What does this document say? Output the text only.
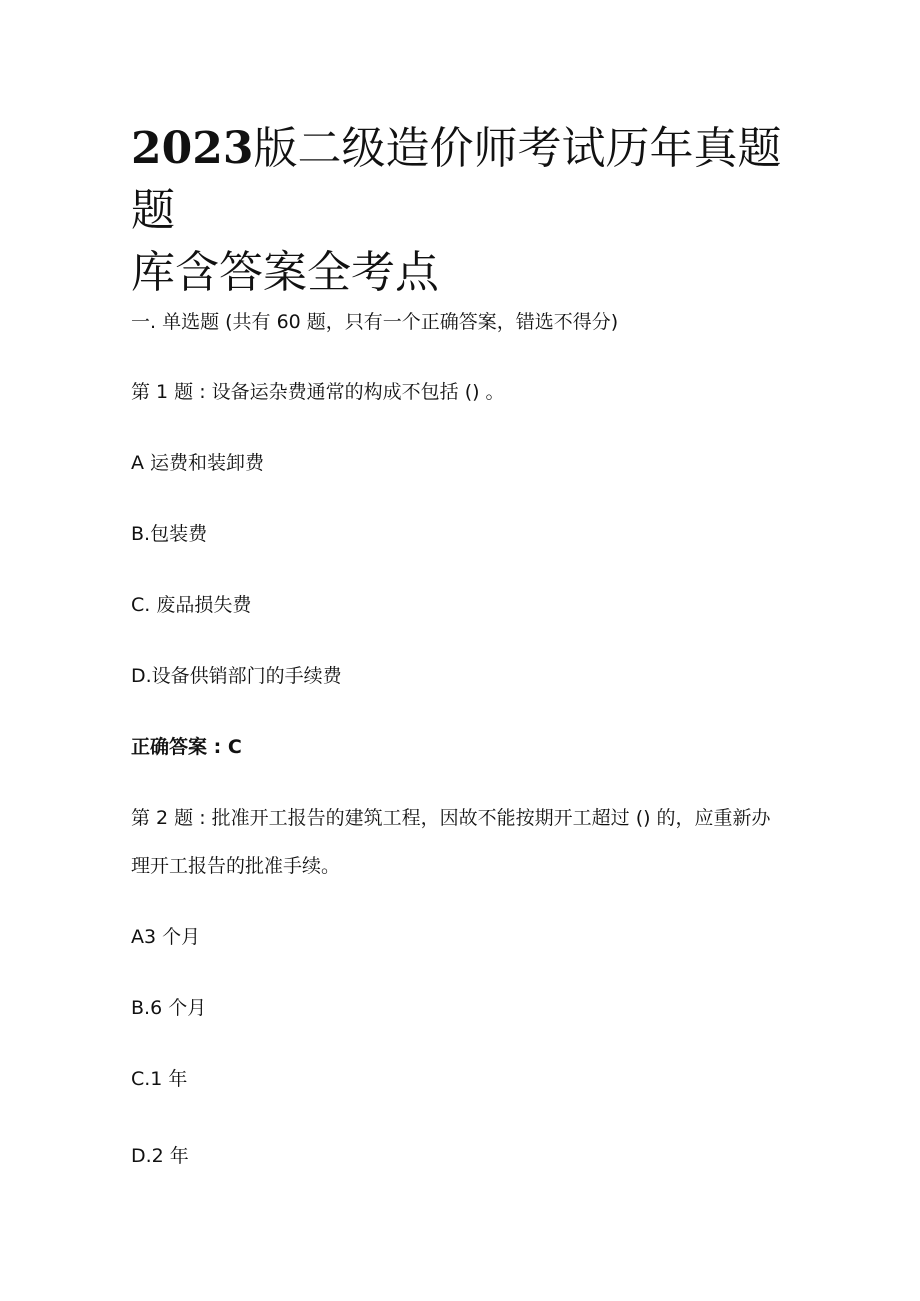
2023版二级造价师考试历年真题题
库含答案全考点

一. 单选题 (共有 60 题，只有一个正确答案，错选不得分)

第 1 题 : 设备运杂费通常的构成不包括 () 。

A 运费和装卸费

B.包装费

C. 废品损失费

D.设备供销部门的手续费

正确答案 : C

第 2 题 : 批准开工报告的建筑工程，因故不能按期开工超过 () 的，应重新办

理开工报告的批准手续。

A3 个月

B.6 个月

C.1 年

D.2 年
